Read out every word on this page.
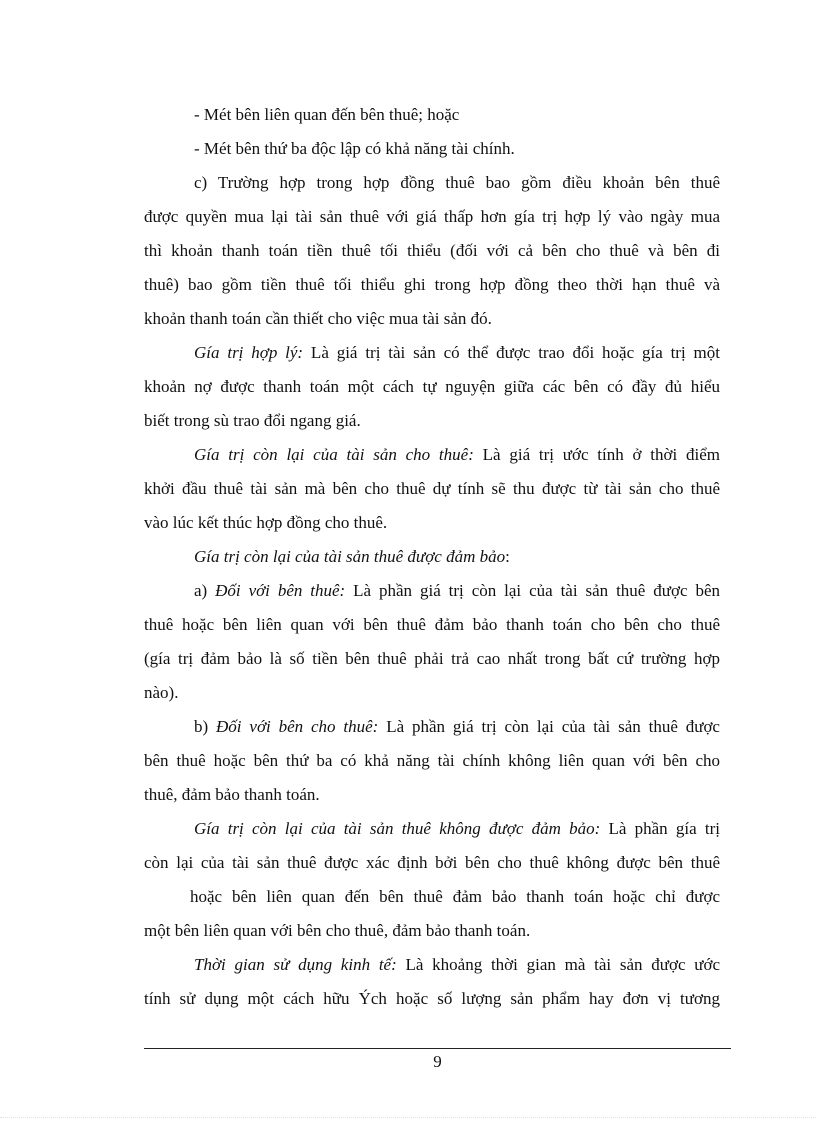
- Mét bên liên quan đến bên thuê; hoặc
- Mét bên thứ ba độc lập có khả năng tài chính.
c) Trường hợp trong hợp đồng thuê bao gồm điều khoản bên thuê
được quyền mua lại tài sản thuê với giá thấp hơn gía trị hợp lý vào ngày mua
thì khoản thanh toán tiền thuê tối thiểu (đối với cả bên cho thuê và bên đi
thuê) bao gồm tiền thuê tối thiểu ghi trong hợp đồng theo thời hạn thuê và
khoản thanh toán cần thiết cho việc mua tài sản đó.
Gía trị hợp lý: Là giá trị tài sản có thể được trao đổi hoặc gía trị một
khoản nợ được thanh toán một cách tự nguyện giữa các bên có đầy đủ hiểu
biết trong sù trao đổi ngang giá.
Gía trị còn lại của tài sản cho thuê: Là giá trị ước tính ở thời điểm
khởi đầu thuê tài sản mà bên cho thuê dự tính sẽ thu được từ tài sản cho thuê
vào lúc kết thúc hợp đồng cho thuê.
Gía trị còn lại của tài sản thuê được đảm bảo:
a) Đối với bên thuê: Là phần giá trị còn lại của tài sản thuê được bên
thuê hoặc bên liên quan với bên thuê đảm bảo thanh toán cho bên cho thuê
(gía trị đảm bảo là số tiền bên thuê phải trả cao nhất trong bất cứ trường hợp
nào).
b) Đối với bên cho thuê: Là phần giá trị còn lại của tài sản thuê được
bên thuê hoặc bên thứ ba có khả năng tài chính không liên quan với bên cho
thuê, đảm bảo thanh toán.
Gía trị còn lại của tài sản thuê không được đảm bảo: Là phần gía trị
còn lại của tài sản thuê được xác định bởi bên cho thuê không được bên thuê
hoặc bên liên quan đến bên thuê đảm bảo thanh toán hoặc chỉ được
một bên liên quan với bên cho thuê, đảm bảo thanh toán.
Thời gian sử dụng kinh tế: Là khoảng thời gian mà tài sản được ước
tính sử dụng một cách hữu Ých hoặc số lượng sản phẩm hay đơn vị tương
9
